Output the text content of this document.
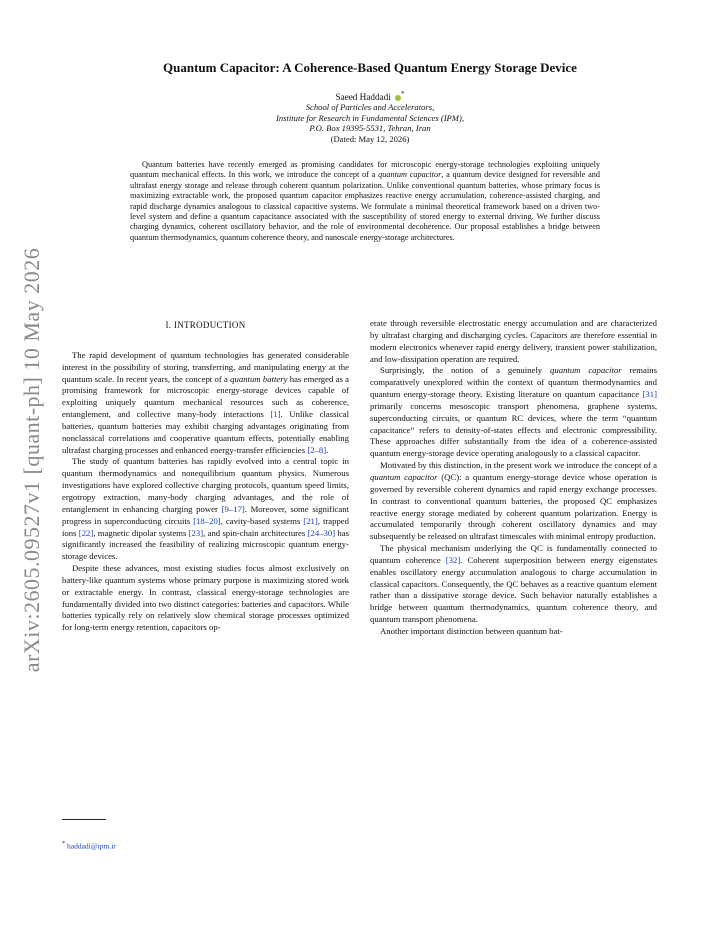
arXiv:2605.09527v1 [quant-ph] 10 May 2026
Quantum Capacitor: A Coherence-Based Quantum Energy Storage Device
Saeed Haddadi *
School of Particles and Accelerators,
Institute for Research in Fundamental Sciences (IPM),
P.O. Box 19395-5531, Tehran, Iran
(Dated: May 12, 2026)
Quantum batteries have recently emerged as promising candidates for microscopic energy-storage technologies exploiting uniquely quantum mechanical effects. In this work, we introduce the concept of a quantum capacitor, a quantum device designed for reversible and ultrafast energy storage and release through coherent quantum polarization. Unlike conventional quantum batteries, whose primary focus is maximizing extractable work, the proposed quantum capacitor emphasizes reactive energy accumulation, coherence-assisted charging, and rapid discharge dynamics analogous to classical capacitive systems. We formulate a minimal theoretical framework based on a driven two-level system and define a quantum capacitance associated with the susceptibility of stored energy to external driving. We further discuss charging dynamics, coherent oscillatory behavior, and the role of environmental decoherence. Our proposal establishes a bridge between quantum thermodynamics, quantum coherence theory, and nanoscale energy-storage architectures.
I. INTRODUCTION

The rapid development of quantum technologies has generated considerable interest in the possibility of storing, transferring, and manipulating energy at the quantum scale. In recent years, the concept of a quantum battery has emerged as a promising framework for microscopic energy-storage devices capable of exploiting uniquely quantum mechanical resources such as coherence, entanglement, and collective many-body interactions [1]. Unlike classical batteries, quantum batteries may exhibit charging advantages originating from nonclassical correlations and cooperative quantum effects, potentially enabling ultrafast charging processes and enhanced energy-transfer efficiencies [2–8].

The study of quantum batteries has rapidly evolved into a central topic in quantum thermodynamics and nonequilibrium quantum physics. Numerous investigations have explored collective charging protocols, quantum speed limits, ergotropy extraction, many-body charging advantages, and the role of entanglement in enhancing charging power [9–17]. Moreover, some significant progress in superconducting circuits [18–20], cavity-based systems [21], trapped ions [22], magnetic dipolar systems [23], and spin-chain architectures [24–30] has significantly increased the feasibility of realizing microscopic quantum energy-storage devices.

Despite these advances, most existing studies focus almost exclusively on battery-like quantum systems whose primary purpose is maximizing stored work or extractable energy. In contrast, classical energy-storage technologies are fundamentally divided into two distinct categories: batteries and capacitors. While batteries typically rely on relatively slow chemical storage processes optimized for long-term energy retention, capacitors op-

erate through reversible electrostatic energy accumulation and are characterized by ultrafast charging and discharging cycles. Capacitors are therefore essential in modern electronics whenever rapid energy delivery, transient power stabilization, and low-dissipation operation are required.

Surprisingly, the notion of a genuinely quantum capacitor remains comparatively unexplored within the context of quantum thermodynamics and quantum energy-storage theory. Existing literature on quantum capacitance [31] primarily concerns mesoscopic transport phenomena, graphene systems, superconducting circuits, or quantum RC devices, where the term “quantum capacitance” refers to density-of-states effects and electronic compressibility. These approaches differ substantially from the idea of a coherence-assisted quantum energy-storage device operating analogously to a classical capacitor.

Motivated by this distinction, in the present work we introduce the concept of a quantum capacitor (QC): a quantum energy-storage device whose operation is governed by reversible coherent dynamics and rapid energy exchange processes. In contrast to conventional quantum batteries, the proposed QC emphasizes reactive energy storage mediated by coherent quantum polarization. Energy is accumulated temporarily through coherent oscillatory dynamics and may subsequently be released on ultrafast timescales with minimal entropy production.

The physical mechanism underlying the QC is fundamentally connected to quantum coherence [32]. Coherent superposition between energy eigenstates enables oscillatory energy accumulation analogous to charge accumulation in classical capacitors. Consequently, the QC behaves as a reactive quantum element rather than a dissipative storage device. Such behavior naturally establishes a bridge between quantum thermodynamics, quantum coherence theory, and quantum transport phenomena.

Another important distinction between quantum bat-

* haddadi@ipm.ir
